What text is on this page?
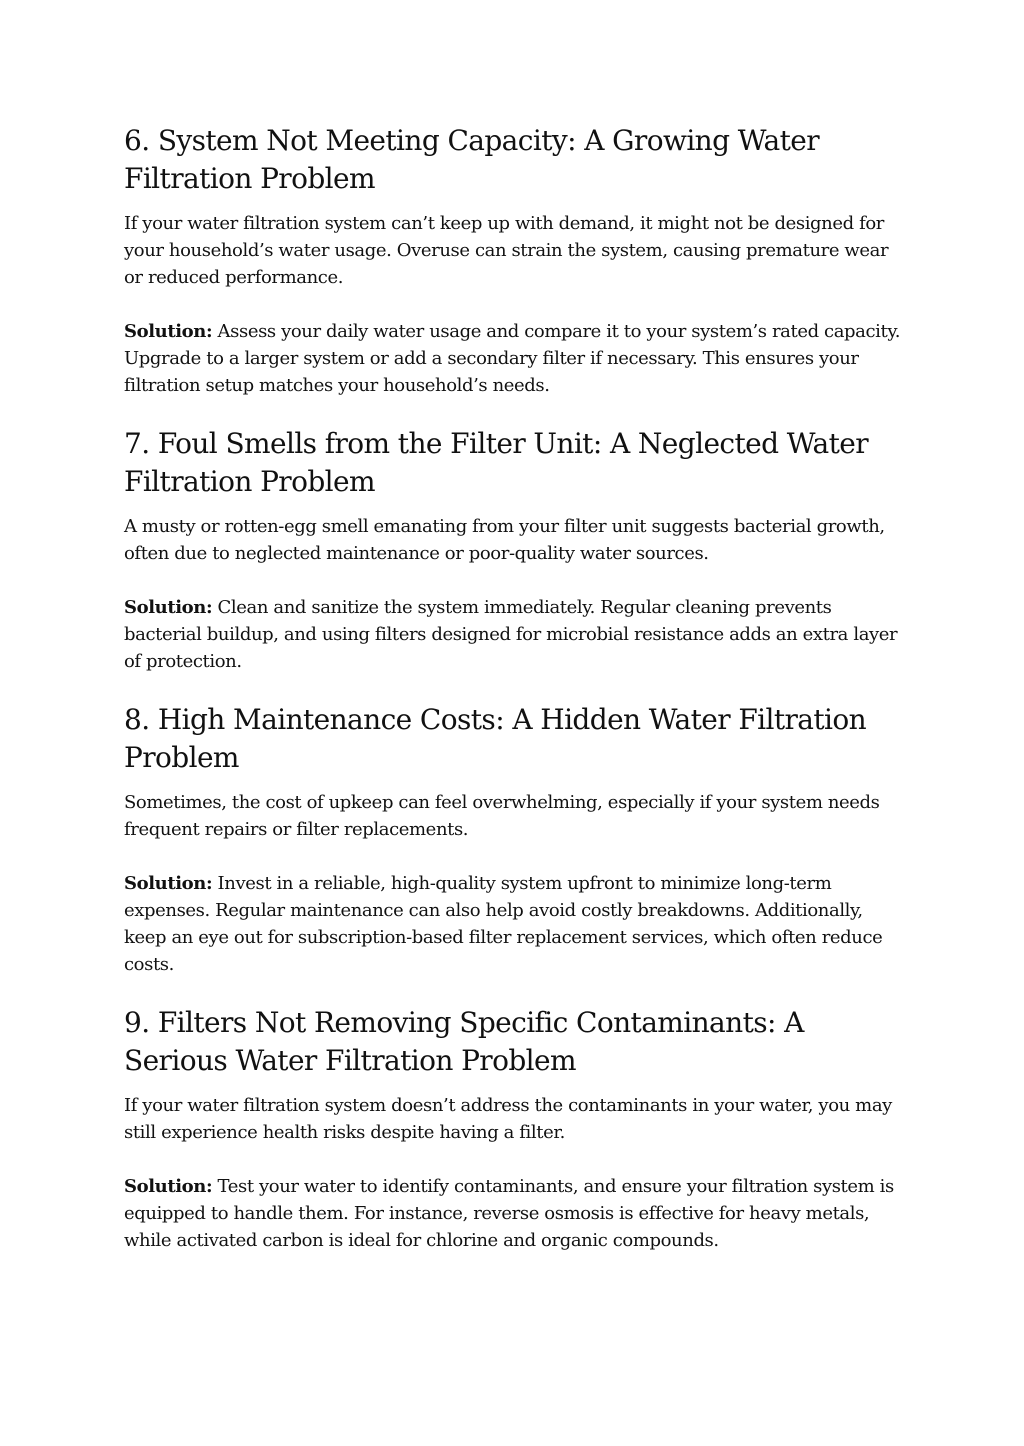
6. System Not Meeting Capacity: A Growing Water Filtration Problem

If your water filtration system can’t keep up with demand, it might not be designed for your household’s water usage. Overuse can strain the system, causing premature wear or reduced performance.

Solution: Assess your daily water usage and compare it to your system’s rated capacity. Upgrade to a larger system or add a secondary filter if necessary. This ensures your filtration setup matches your household’s needs.

7. Foul Smells from the Filter Unit: A Neglected Water Filtration Problem

A musty or rotten-egg smell emanating from your filter unit suggests bacterial growth, often due to neglected maintenance or poor-quality water sources.

Solution: Clean and sanitize the system immediately. Regular cleaning prevents bacterial buildup, and using filters designed for microbial resistance adds an extra layer of protection.

8. High Maintenance Costs: A Hidden Water Filtration Problem

Sometimes, the cost of upkeep can feel overwhelming, especially if your system needs frequent repairs or filter replacements.

Solution: Invest in a reliable, high-quality system upfront to minimize long-term expenses. Regular maintenance can also help avoid costly breakdowns. Additionally, keep an eye out for subscription-based filter replacement services, which often reduce costs.

9. Filters Not Removing Specific Contaminants: A Serious Water Filtration Problem

If your water filtration system doesn’t address the contaminants in your water, you may still experience health risks despite having a filter.

Solution: Test your water to identify contaminants, and ensure your filtration system is equipped to handle them. For instance, reverse osmosis is effective for heavy metals, while activated carbon is ideal for chlorine and organic compounds.
